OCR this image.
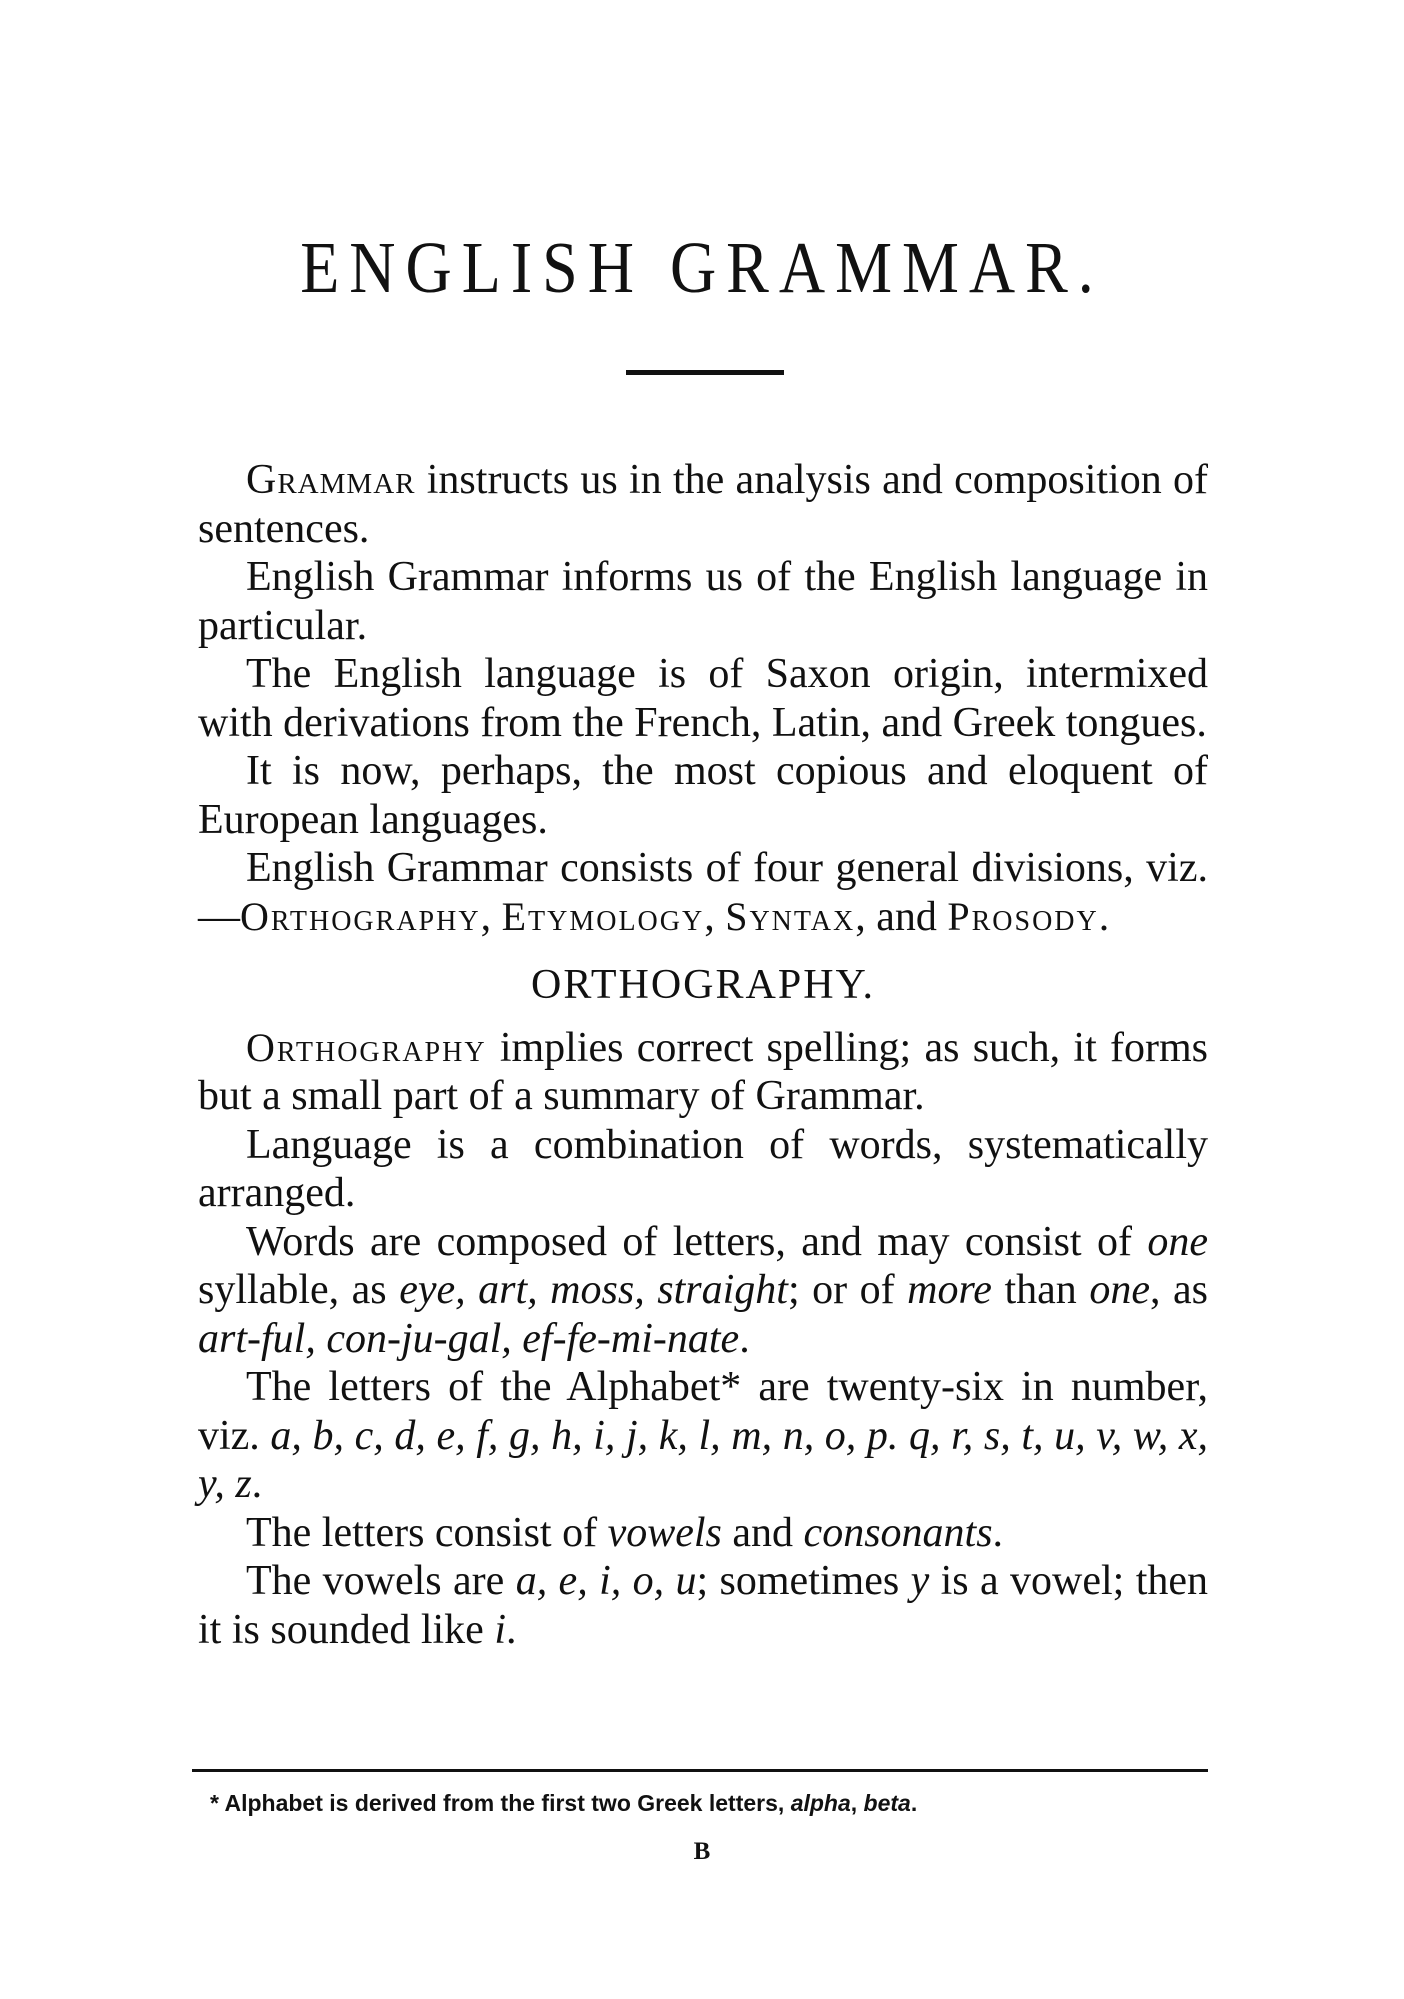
ENGLISH GRAMMAR.

Grammar instructs us in the analysis and composition of sentences.

English Grammar informs us of the English language in particular.

The English language is of Saxon origin, intermixed with derivations from the French, Latin, and Greek tongues.

It is now, perhaps, the most copious and eloquent of European languages.

English Grammar consists of four general divisions, viz.—Orthography, Etymology, Syntax, and Prosody.

ORTHOGRAPHY.

Orthography implies correct spelling; as such, it forms but a small part of a summary of Grammar.

Language is a combination of words, systematically arranged.

Words are composed of letters, and may consist of one syllable, as eye, art, moss, straight; or of more than one, as art-ful, con-ju-gal, ef-fe-mi-nate.

The letters of the Alphabet* are twenty-six in number, viz. a, b, c, d, e, f, g, h, i, j, k, l, m, n, o, p. q, r, s, t, u, v, w, x, y, z.

The letters consist of vowels and consonants.

The vowels are a, e, i, o, u; sometimes y is a vowel; then it is sounded like i.

* Alphabet is derived from the first two Greek letters, alpha, beta.
B
